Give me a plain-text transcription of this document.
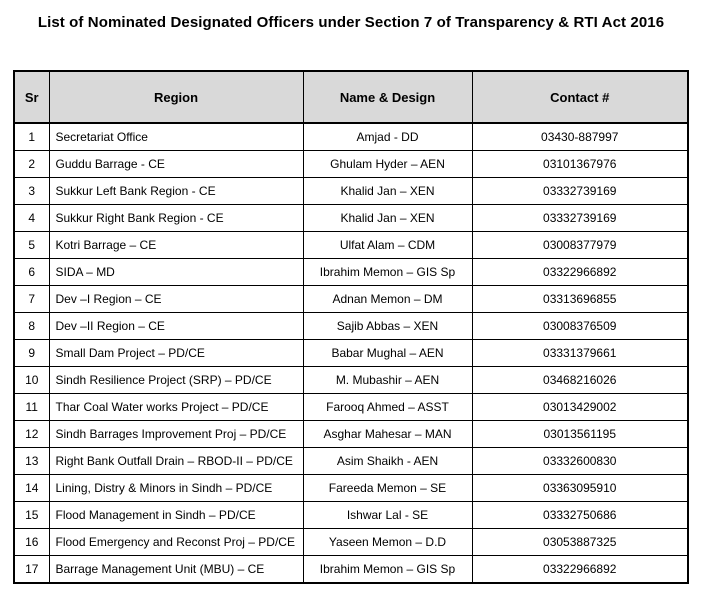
List of Nominated Designated Officers under Section 7 of Transparency & RTI Act 2016
Sr	Region	Name & Design	Contact #
1	Secretariat Office	Amjad - DD	03430-887997
2	Guddu Barrage - CE	Ghulam Hyder – AEN	03101367976
3	Sukkur Left Bank Region - CE	Khalid Jan – XEN	03332739169
4	Sukkur Right Bank Region - CE	Khalid Jan – XEN	03332739169
5	Kotri Barrage – CE	Ulfat Alam – CDM	03008377979
6	SIDA – MD	Ibrahim Memon – GIS Sp	03322966892
7	Dev –I Region – CE	Adnan Memon – DM	03313696855
8	Dev –II Region – CE	Sajib Abbas – XEN	03008376509
9	Small Dam Project – PD/CE	Babar Mughal – AEN	03331379661
10	Sindh Resilience Project (SRP) – PD/CE	M. Mubashir – AEN	03468216026
11	Thar Coal Water works Project – PD/CE	Farooq Ahmed – ASST	03013429002
12	Sindh Barrages Improvement Proj – PD/CE	Asghar Mahesar – MAN	03013561195
13	Right Bank Outfall Drain – RBOD-II – PD/CE	Asim Shaikh - AEN	03332600830
14	Lining, Distry & Minors in Sindh – PD/CE	Fareeda Memon – SE	03363095910
15	Flood Management in Sindh – PD/CE	Ishwar Lal - SE	03332750686
16	Flood Emergency and Reconst Proj – PD/CE	Yaseen Memon – D.D	03053887325
17	Barrage Management Unit (MBU) – CE	Ibrahim Memon – GIS Sp	03322966892
